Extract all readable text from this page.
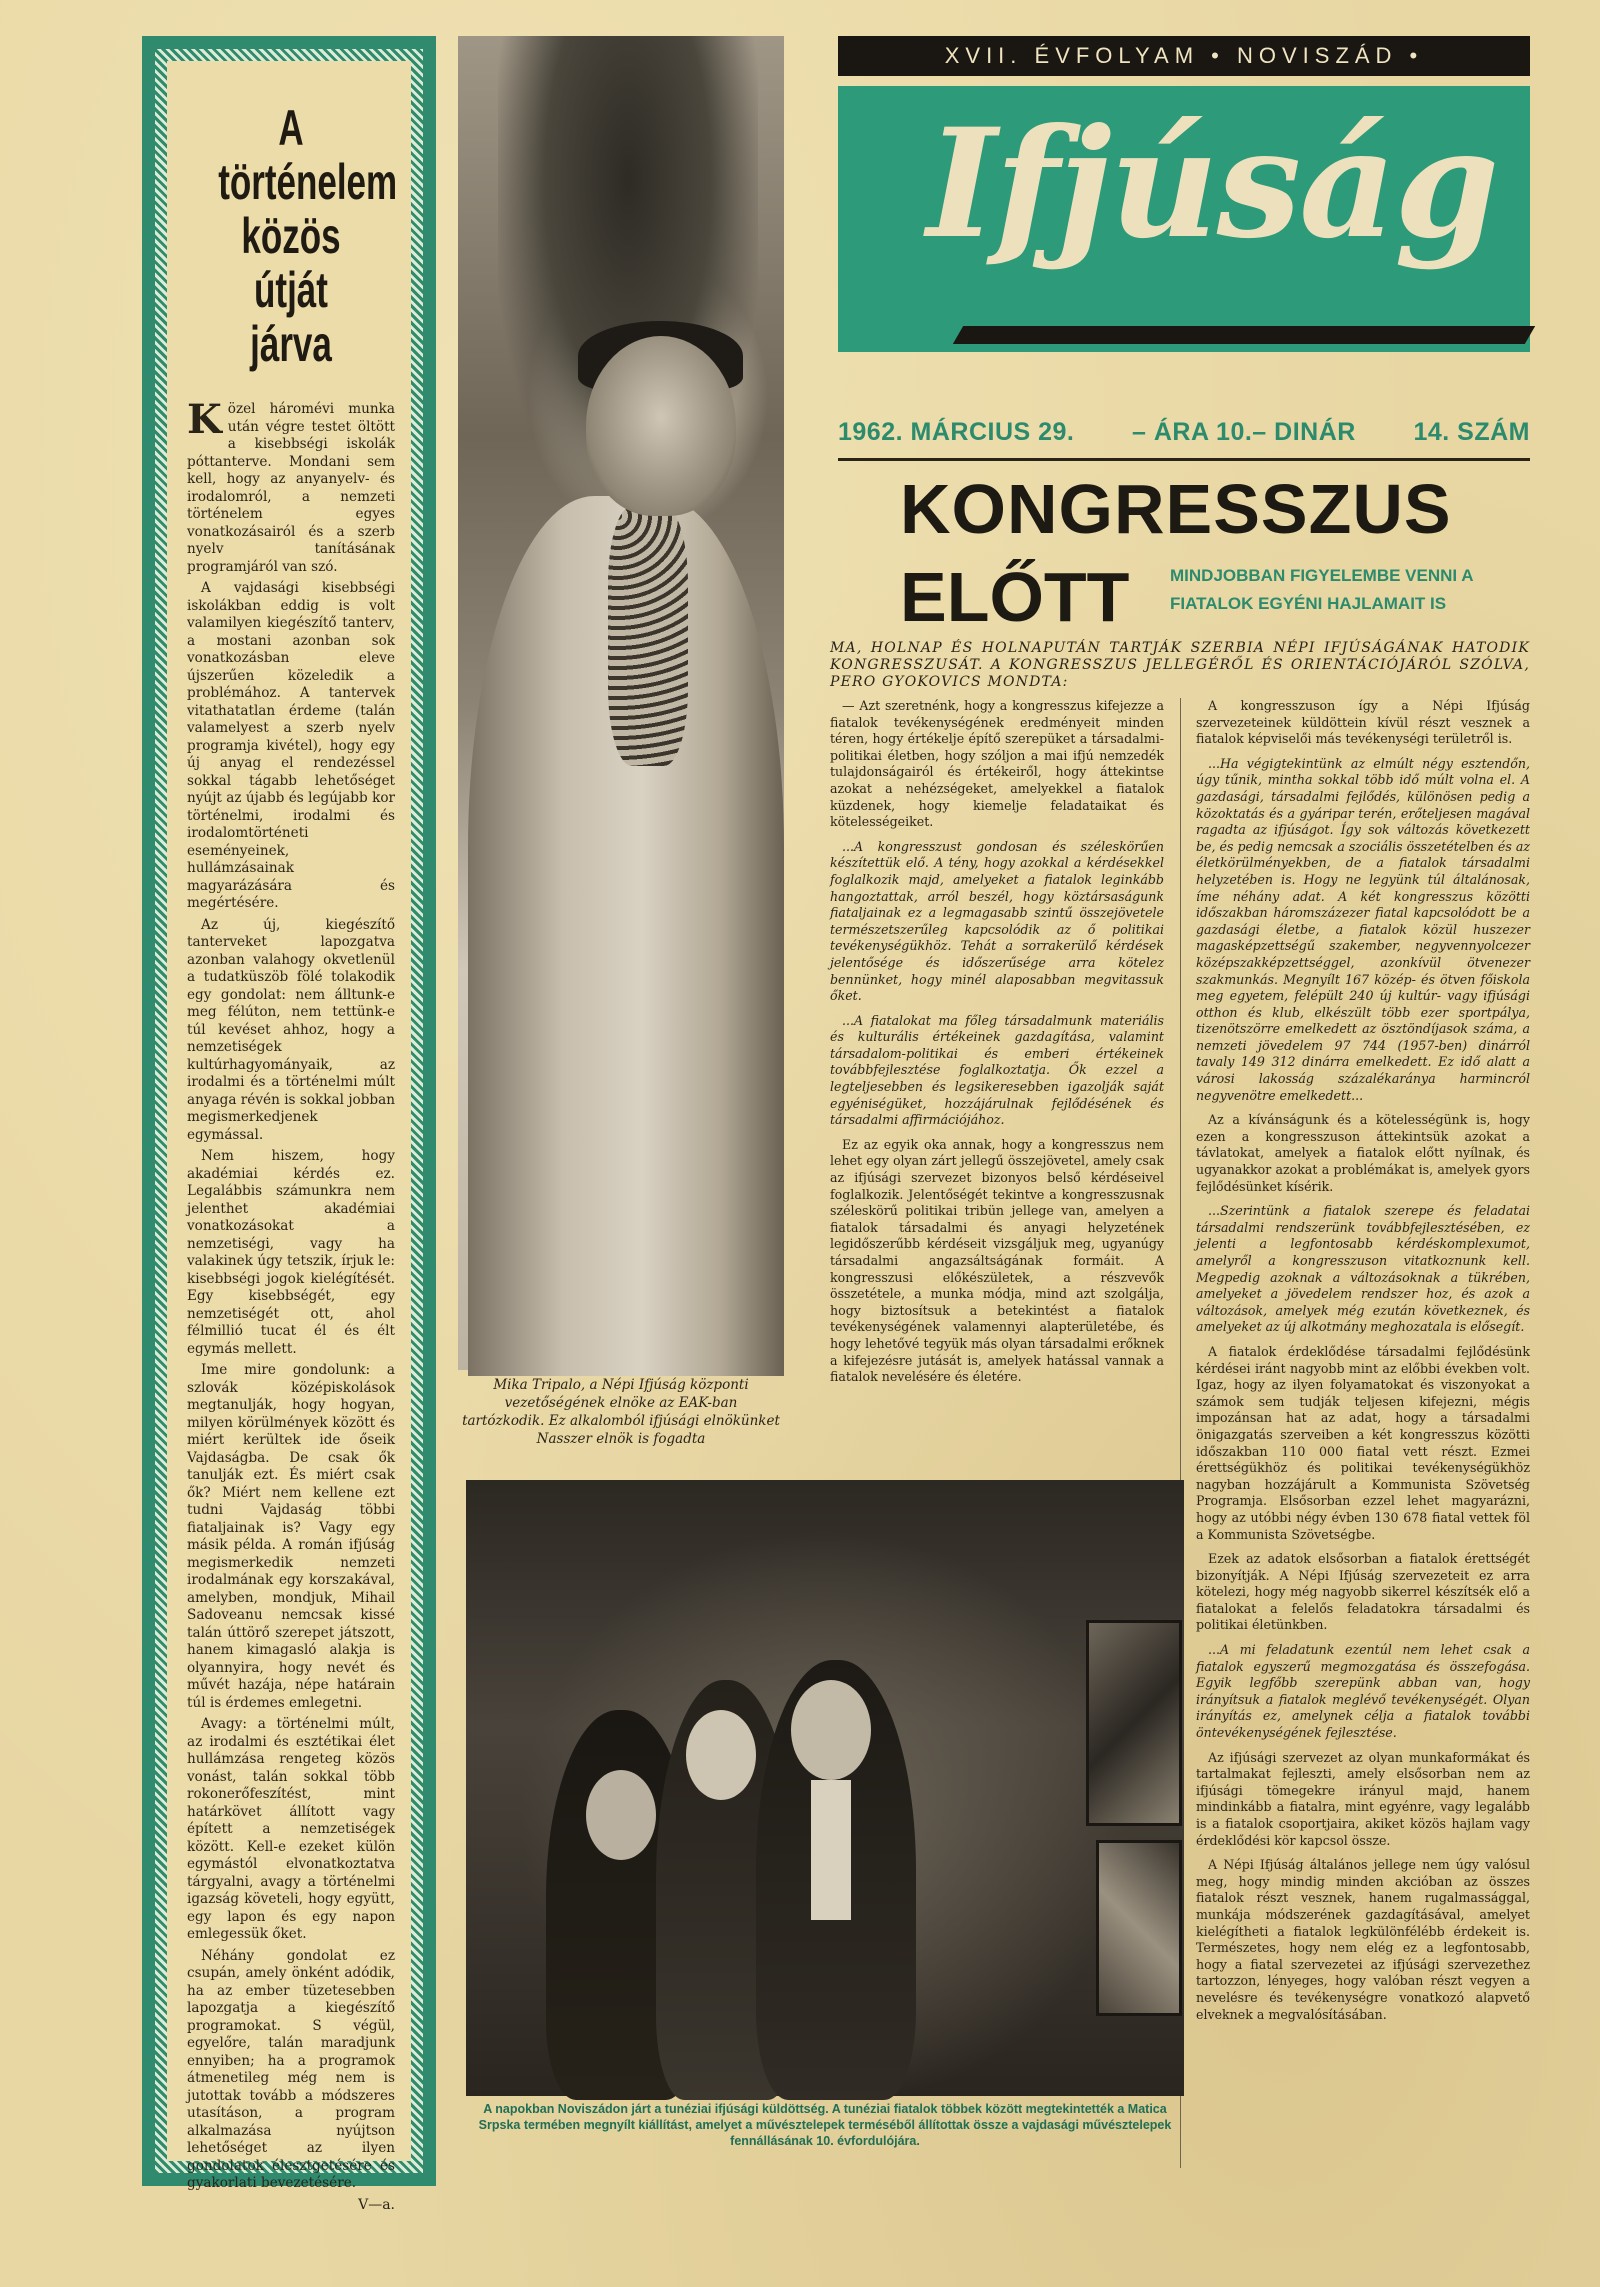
A történelem közös útját járva

Közel háromévi munka után végre testet öltött a kisebbségi iskolák póttanterve. Mondani sem kell, hogy az anyanyelv- és irodalomról, a nemzeti történelem egyes vonatkozásairól és a szerb nyelv tanításának programjáról van szó.

A vajdasági kisebbségi iskolákban eddig is volt valamilyen kiegészítő tanterv, a mostani azonban sok vonatkozásban eleve újszerűen közeledik a problémához. A tantervek vitathatatlan érdeme (talán valamelyest a szerb nyelv programja kivétel), hogy egy új anyag el rendezéssel sokkal tágabb lehetőséget nyújt az újabb és legújabb kor történelmi, irodalmi és irodalomtörténeti eseményeinek, hullámzásainak magyarázására és megértésére.

Az új, kiegészítő tanterveket lapozgatva azonban valahogy okvetlenül a tudatküszöb fölé tolakodik egy gondolat: nem álltunk-e meg félúton, nem tettünk-e túl kevéset ahhoz, hogy a nemzetiségek kultúrhagyományaik, az irodalmi és a történelmi múlt anyaga révén is sokkal jobban megismerkedjenek egymással.

Nem hiszem, hogy akadémiai kérdés ez. Legalábbis számunkra nem jelenthet akadémiai vonatkozásokat a nemzetiségi, vagy ha valakinek úgy tetszik, írjuk le: kisebbségi jogok kielégítését. Egy kisebbségét, egy nemzetiségét ott, ahol félmillió tucat él és élt egymás mellett.

Ime mire gondolunk: a szlovák középiskolások megtanulják, hogy hogyan, milyen körülmények között és miért kerültek ide őseik Vajdaságba. De csak ők tanulják ezt. És miért csak ők? Miért nem kellene ezt tudni Vajdaság többi fiataljainak is? Vagy egy másik példa. A román ifjúság megismerkedik nemzeti irodalmának egy korszakával, amelyben, mondjuk, Mihail Sadoveanu nemcsak kissé talán úttörő szerepet játszott, hanem kimagasló alakja is olyannyira, hogy nevét és művét hazája, népe határain túl is érdemes emlegetni.

Avagy: a történelmi múlt, az irodalmi és esztétikai élet hullámzása rengeteg közös vonást, talán sokkal több rokonerőfeszítést, mint határkövet állított vagy épített a nemzetiségek között. Kell-e ezeket külön egymástól elvonatkoztatva tárgyalni, avagy a történelmi igazság követeli, hogy együtt, egy lapon és egy napon emlegessük őket.

Néhány gondolat ez csupán, amely önként adódik, ha az ember tüzetesebben lapozgatja a kiegészítő programokat. S végül, egyelőre, talán maradjunk ennyiben; ha a programok átmenetileg még nem is jutottak tovább a módszeres utasításon, a program alkalmazása nyújtson lehetőséget az ilyen gondolatok élesztgetésére és gyakorlati bevezetésére.

V—a.
Mika Tripalo, a Népi Ifjúság központi vezetőségének elnöke az EAK-ban tartózkodik. Ez alkalomból ifjúsági elnökünket Nasszer elnök is fogadta
XVII. ÉVFOLYAM • NOVISZÁD •
Ifjúság
1962. MÁRCIUS 29. – ÁRA 10.– DINÁR 14. SZÁM
KONGRESSZUS
ELŐTT MINDJOBBAN FIGYELEMBE VENNI A FIATALOK EGYÉNI HAJLAMAIT IS
MA, HOLNAP ÉS HOLNAPUTÁN TARTJÁK SZERBIA NÉPI IFJÚSÁGÁNAK HATODIK KONGRESSZUSÁT. A KONGRESSZUS JELLEGÉRŐL ÉS ORIENTÁCIÓJÁRÓL SZÓLVA, PERO GYOKOVICS MONDTA:

— Azt szeretnénk, hogy a kongresszus kifejezze a fiatalok tevékenységének eredményeit minden téren, hogy értékelje építő szerepüket a társadalmi-politikai életben, hogy szóljon a mai ifjú nemzedék tulajdonságairól és értékeiről, hogy áttekintse azokat a nehézségeket, amelyekkel a fiatalok küzdenek, hogy kiemelje feladataikat és kötelességeiket.

...A kongresszust gondosan és széleskörűen készítettük elő. A tény, hogy azokkal a kérdésekkel foglalkozik majd, amelyeket a fiatalok leginkább hangoztattak, arról beszél, hogy köztársaságunk fiataljainak ez a legmagasabb szintű összejövetele természetszerűleg kapcsolódik az ő politikai tevékenységükhöz. Tehát a sorrakerülő kérdések jelentősége és időszerűsége arra kötelez bennünket, hogy minél alaposabban megvitassuk őket.

...A fiatalokat ma főleg társadalmunk materiális és kulturális értékeinek gazdagítása, valamint társadalom-politikai és emberi értékeinek továbbfejlesztése foglalkoztatja. Ők ezzel a legteljesebben és legsikeresebben igazolják saját egyéniségüket, hozzájárulnak fejlődésének és társadalmi affirmációjához.

Ez az egyik oka annak, hogy a kongresszus nem lehet egy olyan zárt jellegű összejövetel, amely csak az ifjúsági szervezet bizonyos belső kérdéseivel foglalkozik. Jelentőségét tekintve a kongresszusnak széleskörű politikai tribün jellege van, amelyen a fiatalok társadalmi és anyagi helyzetének legidőszerűbb kérdéseit vizsgáljuk meg, ugyanúgy társadalmi angazsáltságának formáit. A kongresszusi előkészületek, a részvevők összetétele, a munka módja, mind azt szolgálja, hogy biztosítsuk a betekintést a fiatalok tevékenységének valamennyi alapterületébe, és hogy lehetővé tegyük más olyan társadalmi erőknek a kifejezésre jutását is, amelyek hatással vannak a fiatalok nevelésére és életére.

A kongresszuson így a Népi Ifjúság szervezeteinek küldöttein kívül részt vesznek a fiatalok képviselői más tevékenységi területről is.

...Ha végigtekintünk az elmúlt négy esztendőn, úgy tűnik, mintha sokkal több idő múlt volna el. A gazdasági, társadalmi fejlődés, különösen pedig a közoktatás és a gyáripar terén, erőteljesen magával ragadta az ifjúságot. Így sok változás következett be, és pedig nemcsak a szociális összetételben és az életkörülményekben, de a fiatalok társadalmi helyzetében is. Hogy ne legyünk túl általánosak, íme néhány adat. A két kongresszus közötti időszakban háromszázezer fiatal kapcsolódott be a gazdasági életbe, a fiatalok közül huszezer magasképzettségű szakember, negyvennyolcezer középszakképzettséggel, azonkívül ötvenezer szakmunkás. Megnyílt 167 közép- és ötven főiskola meg egyetem, felépült 240 új kultúr- vagy ifjúsági otthon és klub, elkészült több ezer sportpálya, tizenötszörre emelkedett az ösztöndíjasok száma, a nemzeti jövedelem 97 744 (1957-ben) dinárról tavaly 149 312 dinárra emelkedett. Ez idő alatt a városi lakosság százalékaránya harmincról negyvenötre emelkedett...

Az a kívánságunk és a kötelességünk is, hogy ezen a kongresszuson áttekintsük azokat a távlatokat, amelyek a fiatalok előtt nyílnak, és ugyanakkor azokat a problémákat is, amelyek gyors fejlődésünket kísérik.

...Szerintünk a fiatalok szerepe és feladatai társadalmi rendszerünk továbbfejlesztésében, ez jelenti a legfontosabb kérdéskomplexumot, amelyről a kongresszuson vitatkoznunk kell. Megpedig azoknak a változásoknak a tükrében, amelyeket a jövedelem rendszer hoz, és azok a változások, amelyek még ezután következnek, és amelyeket az új alkotmány meghozatala is elősegít.

A fiatalok érdeklődése társadalmi fejlődésünk kérdései iránt nagyobb mint az előbbi években volt. Igaz, hogy az ilyen folyamatokat és viszonyokat a számok sem tudják teljesen kifejezni, mégis impozánsan hat az adat, hogy a társadalmi önigazgatás szerveiben a két kongresszus közötti időszakban 110 000 fiatal vett részt. Ezmei érettségükhöz és politikai tevékenységükhöz nagyban hozzájárult a Kommunista Szövetség Programja. Elsősorban ezzel lehet magyarázni, hogy az utóbbi négy évben 130 678 fiatal vettek föl a Kommunista Szövetségbe.

Ezek az adatok elsősorban a fiatalok érettségét bizonyítják. A Népi Ifjúság szervezeteit ez arra kötelezi, hogy még nagyobb sikerrel készítsék elő a fiatalokat a felelős feladatokra társadalmi és politikai életünkben.

...A mi feladatunk ezentúl nem lehet csak a fiatalok egyszerű megmozgatása és összefogása. Egyik legfőbb szerepünk abban van, hogy irányítsuk a fiatalok meglévő tevékenységét. Olyan irányítás ez, amelynek célja a fiatalok további öntevékenységének fejlesztése.

Az ifjúsági szervezet az olyan munkaformákat és tartalmakat fejleszti, amely elsősorban nem az ifjúsági tömegekre irányul majd, hanem mindinkább a fiatalra, mint egyénre, vagy legalább is a fiatalok csoportjaira, akiket közös hajlam vagy érdeklődési kör kapcsol össze.

A Népi Ifjúság általános jellege nem úgy valósul meg, hogy mindig minden akcióban az összes fiatalok részt vesznek, hanem rugalmassággal, munkája módszerének gazdagításával, amelyet kielégítheti a fiatalok legkülönfélébb érdekeit is. Természetes, hogy nem elég ez a legfontosabb, hogy a fiatal szervezetei az ifjúsági szervezethez tartozzon, lényeges, hogy valóban részt vegyen a nevelésre és tevékenységre vonatkozó alapvető elveknek a megvalósításában.

A napokban Noviszádon járt a tunéziai ifjúsági küldöttség. A tunéziai fiatalok többek között megtekintették a Matica Srpska termében megnyílt kiállítást, amelyet a művésztelepek terméséből állítottak össze a vajdasági művésztelepek fennállásának 10. évfordulójára.
